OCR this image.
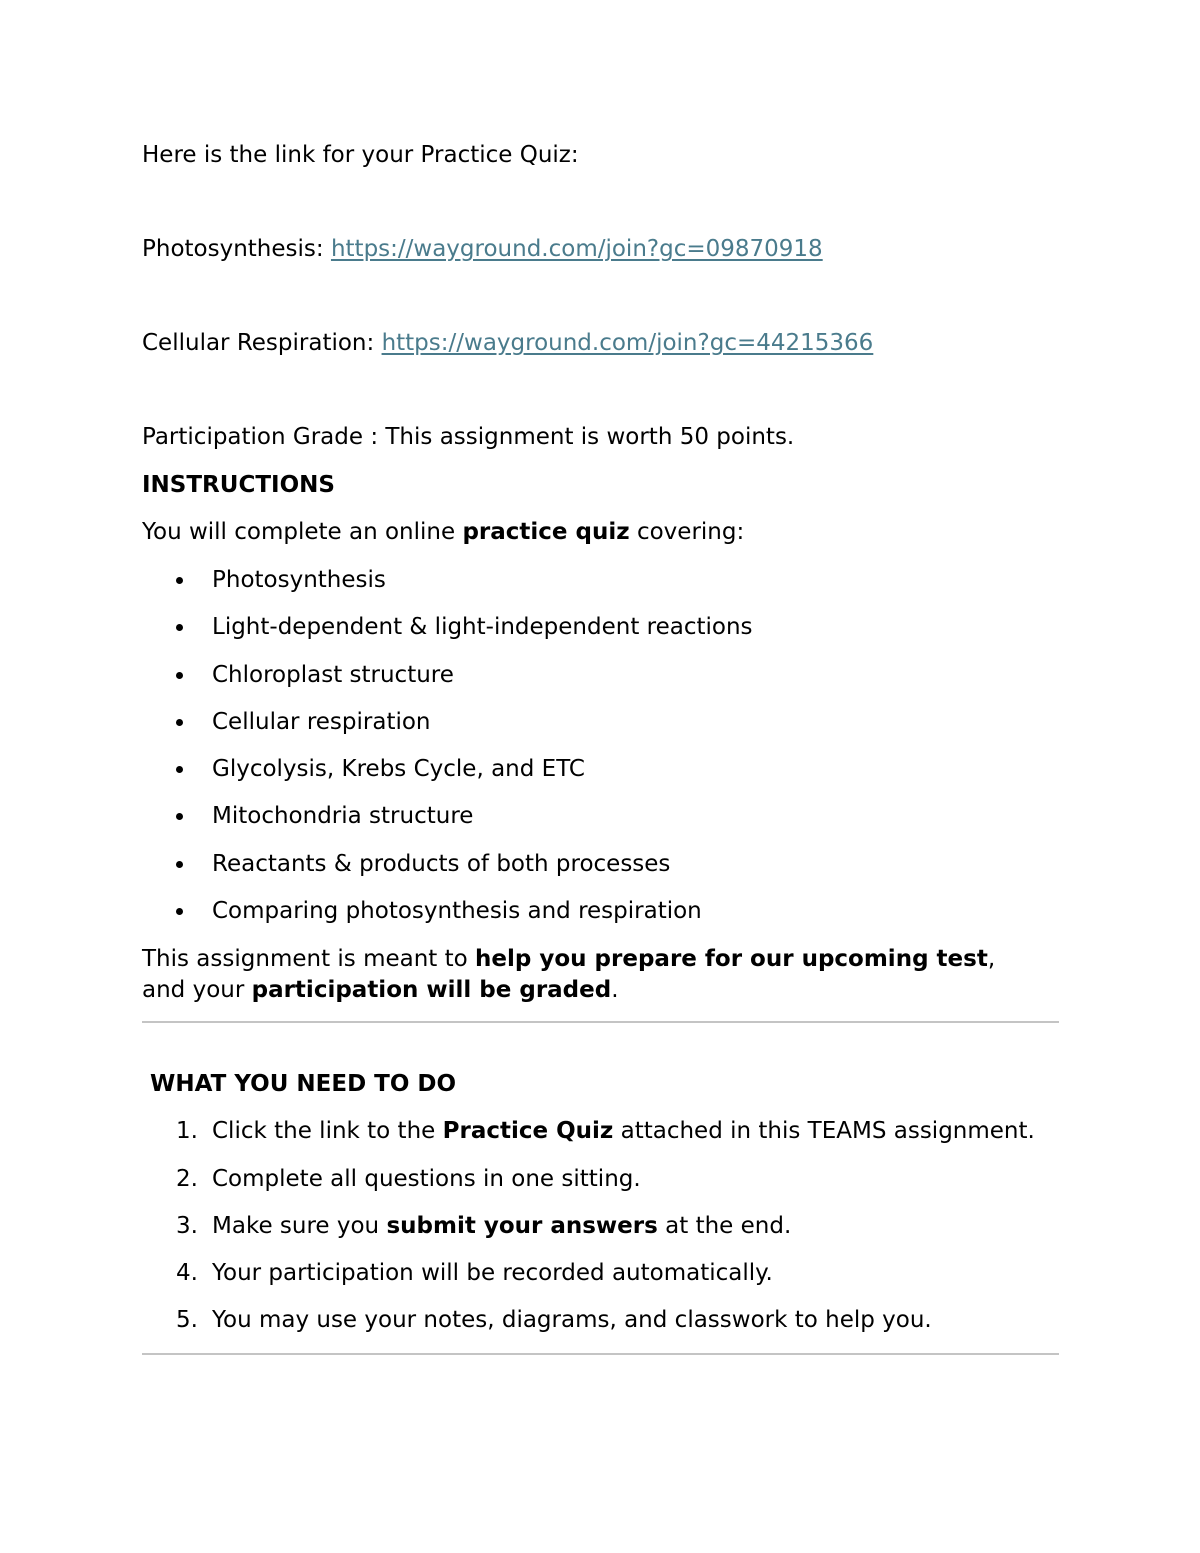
Here is the link for your Practice Quiz:
Photosynthesis: https://wayground.com/join?gc=09870918
Cellular Respiration: https://wayground.com/join?gc=44215366
Participation Grade : This assignment is worth 50 points.
INSTRUCTIONS
You will complete an online practice quiz covering:
Photosynthesis
Light-dependent & light-independent reactions
Chloroplast structure
Cellular respiration
Glycolysis, Krebs Cycle, and ETC
Mitochondria structure
Reactants & products of both processes
Comparing photosynthesis and respiration
This assignment is meant to help you prepare for our upcoming test,
and your participation will be graded.
WHAT YOU NEED TO DO
1. Click the link to the Practice Quiz attached in this TEAMS assignment.
2. Complete all questions in one sitting.
3. Make sure you submit your answers at the end.
4. Your participation will be recorded automatically.
5. You may use your notes, diagrams, and classwork to help you.
